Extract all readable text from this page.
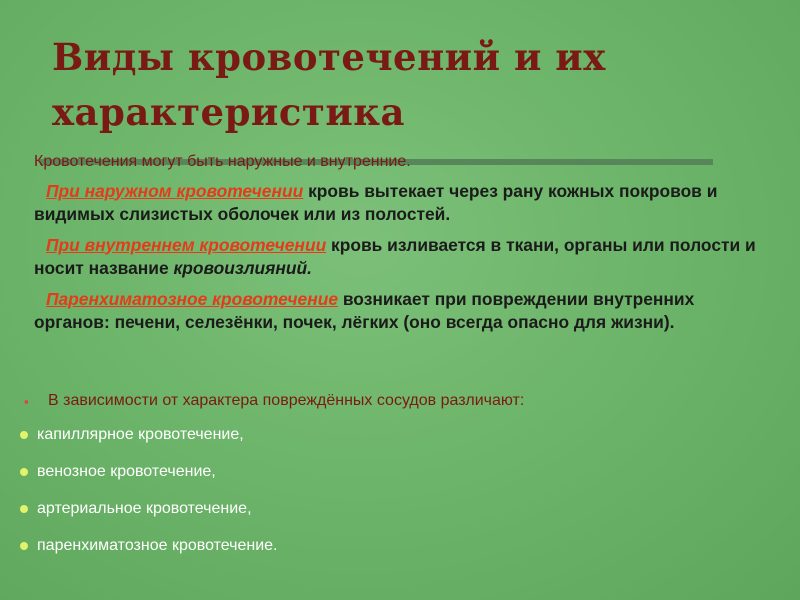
Виды кровотечений и их характеристика

Кровотечения могут быть наружные и внутренние.

При наружном кровотечении кровь вытекает через рану кожных покровов и видимых слизистых оболочек или из полостей.

При внутреннем кровотечении кровь изливается в ткани, органы или полости и носит название кровоизлияний.

Паренхиматозное кровотечение возникает при повреждении внутренних органов: печени, селезёнки, почек, лёгких (оно всегда опасно для жизни).

▪ В зависимости от характера повреждённых сосудов различают:
капиллярное кровотечение,
венозное кровотечение,
артериальное кровотечение,
паренхиматозное кровотечение.
